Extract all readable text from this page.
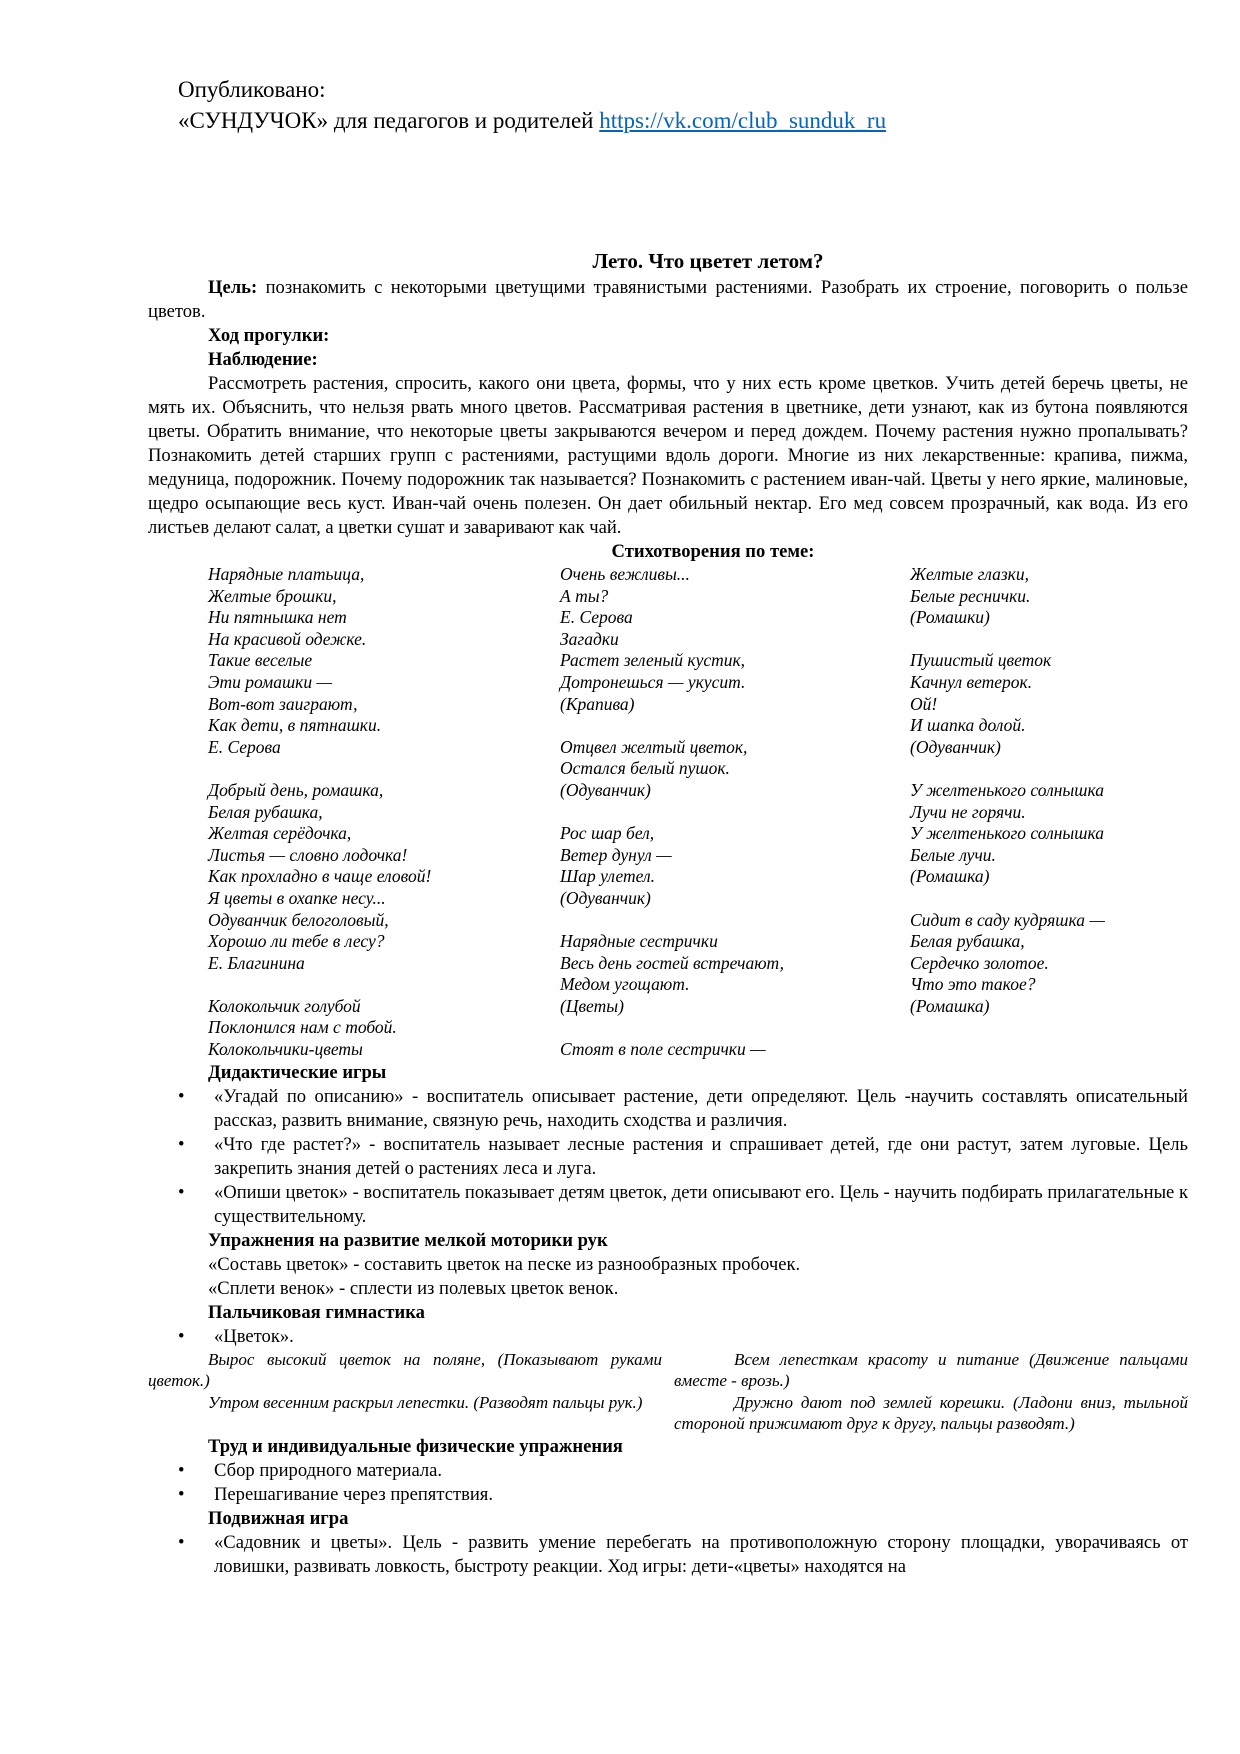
Опубликовано:
«СУНДУЧОК» для педагогов и родителей https://vk.com/club_sunduk_ru
Лето. Что цветет летом?

Цель: познакомить с некоторыми цветущими травянистыми растениями. Разобрать их строение, поговорить о пользе цветов.

Ход прогулки:
Наблюдение:

Рассмотреть растения, спросить, какого они цвета, формы, что у них есть кроме цветков. Учить детей беречь цветы, не мять их. Объяснить, что нельзя рвать много цветов. Рассматривая растения в цветнике, дети узнают, как из бутона появляются цветы. Обратить внимание, что некоторые цветы закрываются вечером и перед дождем. Почему растения нужно пропалывать? Познакомить детей старших групп с растениями, растущими вдоль дороги. Многие из них лекарственные: крапива, пижма, медуница, подорожник. Почему подорожник так называется? Познакомить с растением иван-чай. Цветы у него яркие, малиновые, щедро осыпающие весь куст. Иван-чай очень полезен. Он дает обильный нектар. Его мед совсем прозрачный, как вода. Из его листьев делают салат, а цветки сушат и заваривают как чай.

Стихотворения по теме:
Нарядные платьица,
Желтые брошки,
Ни пятнышка нет
На красивой одежке.
Такие веселые
Эти ромашки —
Вот-вот заиграют,
Как дети, в пятнашки.
Е. Серова

Добрый день, ромашка,
Белая рубашка,
Желтая серёдочка,
Листья — словно лодочка!
Как прохладно в чаще еловой!
Я цветы в охапке несу...
Одуванчик белоголовый,
Хорошо ли тебе в лесу?
Е. Благинина

Колокольчик голубой
Поклонился нам с тобой.
Колокольчики-цветы
Очень вежливы...
А ты?
Е. Серова
Загадки
Растет зеленый кустик,
Дотронешься — укусит.
(Крапива)

Отцвел желтый цветок,
Остался белый пушок.
(Одуванчик)

Рос шар бел,
Ветер дунул —
Шар улетел.
(Одуванчик)

Нарядные сестрички
Весь день гостей встречают,
Медом угощают.
(Цветы)

Стоят в поле сестрички —
Желтые глазки,
Белые реснички.
(Ромашки)

Пушистый цветок
Качнул ветерок.
Ой!
И шапка долой.
(Одуванчик)

У желтенького солнышка
Лучи не горячи.
У желтенького солнышка
Белые лучи.
(Ромашка)

Сидит в саду кудряшка —
Белая рубашка,
Сердечко золотое.
Что это такое?
(Ромашка)
Дидактические игры
• «Угадай по описанию» - воспитатель описывает растение, дети определяют. Цель -научить составлять описательный рассказ, развить внимание, связную речь, находить сходства и различия.
• «Что где растет?» - воспитатель называет лесные растения и спрашивает детей, где они растут, затем луговые. Цель закрепить знания детей о растениях леса и луга.
• «Опиши цветок» - воспитатель показывает детям цветок, дети описывают его. Цель - научить подбирать прилагательные к существительному.
Упражнения на развитие мелкой моторики рук
«Составь цветок» - составить цветок на песке из разнообразных пробочек.
«Сплети венок» - сплести из полевых цветок венок.
Пальчиковая гимнастика
• «Цветок».

Вырос высокий цветок на поляне, (Показывают руками цветок.)

Утром весенним раскрыл лепестки. (Разводят пальцы рук.)

Всем лепесткам красоту и питание (Движение пальцами вместе - врозь.)

Дружно дают под землей корешки. (Ладони вниз, тыльной стороной прижимают друг к другу, пальцы разводят.)

Труд и индивидуальные физические упражнения
• Сбор природного материала.
• Перешагивание через препятствия.
Подвижная игра
• «Садовник и цветы». Цель - развить умение перебегать на противоположную сторону площадки, уворачиваясь от ловишки, развивать ловкость, быстроту реакции. Ход игры: дети-«цветы» находятся на
